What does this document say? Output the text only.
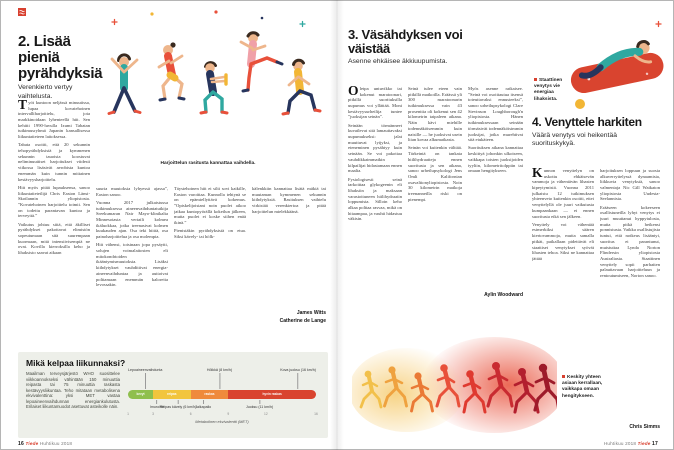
2. Lisää pieniä pyrähdyksiä
Verenkierto vertyy vaihtelusta.
Harjoittelun rasitusta kannattaa vaihdella.

Työt kuntoon neljässä minuutissa, lupaa kovatehoinen intervalliharjoittelu, jota markkinoidaan lyhenteellä hiit. Sen kehitti 1990-luvulla Izumi Tabatan tutkimusryhmä Japanin kansallisessa liikuntatieteen laitoksessa.

Tabata osoitti, että 20 sekunnin tehopyrähdyksistä ja kymmenen sekunnin tauoista koostuvat neliminuuttiset harjoitukset viidesti viikossa lisäsivät aerobista kuntoa enemmän kuin tunnin mittainen kestävyysharjoittelu.

Hiit myös pitää lupauksensa, sanoo liikuntatieteilijä Chris Easton Länsi-Skotlannin yliopistosta. ”Kovatehoinen harjoittelu toimii. Sen on todettu parantavan kuntoa ja terveyttä.”

Vaikutus johtuu siitä, että äkilliset pyrähdykset pakottavat elimistön sopeutumaan sitä suurempaan kuormaan, mitä intensiivisempiä ne ovat. Kovilla kierroksilla keho ja lihaksisto saavat aikaan

suuria muutoksia lyhyessä ajassa”, Easton sanoo.

Vuonna 2017 julkaistussa tutkimuksessa aineenvaihduntatutkija Sreekumaran Nair Mayo-klinikalta Minnesotasta vertaili kolmea ikäluokkaa, jotka treenasivat kolmen kuukauden ajan. Osa teki hiittä, osa painoharjoittelua ja osa molempia.

Hiit vähensi, toisinaan jopa pysäytti, solujen voimalaitosten eli mitokondrioiden ikääntymismuutoksia. Lisäksi kiihdytykset vauhdittivat energia-aineenvaihduntaa ja auttoivat polttamaan enemmän kaloreita levossakin.

Täystehoinen hiit ei silti sovi kaikille, Easton varoittaa. Kunnolla tehtynä se on epämiellyttävä kokemus. ”Opiskelijoistani noin puolet aikoo jatkaa kuntopyörällä kokeilun jälkeen, mutta puolet ei koske siihen enää ikinä.”

Pienistäkin pyrähdyksistä on etua. Siksi kävely- tai hölk-

kälenkkiin kannattaa lisätä mäkiä tai muutaman kymmenen sekunnin kiihdytyksiä. Rasituksen vaihtelu virkistää verenkiertoa ja pitää harjoittelun mielekkäänä.

James Witts
Catherine de Lange
Mikä kelpaa liikunnaksi?
Maailman terveysjärjestö WHO suosittelee viikkoannokseksi vähintään 150 minuuttia reipasta tai 75 minuuttia raskasta kestävyysliikuntaa. Teho mitataan metabolisena ekvivalenttina: yksi MET vastaa lepoaineenvaihdunnan energiankulutusta. Erilaiset liikuntamuodot asettuvat asteikolle näin.
kevyt	reipas	raskas	hyvin raskas
Metabolinen ekvivalentti (MET)
Lepoaineenvaihdunta	Hölkkä (8 km/h)	Kova juoksu (16 km/h)
Imurointi
Reipas kävely (6 km/h)
Jalkapallo	Juoksu (11 km/h)
1	3	6	9	12	16
16 Tiede Huhtikuu 2018
3. Väsähdyksen voi väistää
Asenne ehkäisee äkkiuupumista.

Oletpa untuvikko tai kokenut maratoonari, pitkillä suorituksilla uupumus voi yllättää. Moni kestävyysurheilija tuntee ”juoksijan seinän”.

Seinään törmänneet kuvailevat sitä lamauttavaksi uupumukseksi: jalat muuttuvat lyijyksi, ja eteneminen pysähtyy kuin seinään. Se voi pakottaa vauhdikkaimmatkin kilpailijat hidastamaan ennen maalia.

Fysiologisesti seinä tarkoittaa glykogeenin eli lihaksiin ja maksaan varastoituneen hiilihydraatin loppumista. Silloin keho alkaa polttaa rasvaa, mikä on hitaampaa, ja vauhti hidastuu väkisin.

Seinä tulee eteen vain pitkillä matkoilla. Eräässä yli 300 maratoonarin tutkimuksessa vain 43 prosenttia oli kokenut sen 42 kilometrin taipaleen aikana. Näin kävi miehille todennäköisemmin kuin naisille — he juoksivat usein liian kovaa alkumatkasta.

Seinän voi kuitenkin välttää. Tärkeintä on tankata hiilihydraatteja ennen suoritusta ja sen aikana, sanoo urheilupsykologi Jens Omli Kalifornian osavaltionyliopistosta. Noin 30 kilometrin matkoja treenanneilla riski on pienempi.

Myös asenne ratkaisee. ”Seinä voi osoittautua itsensä toteuttavaksi ennusteeksi”, sanoo urheilupsykologi Clare Stevinson Loughborough'n yliopistosta. Hänen tutkimuksessaan seinään törmäsivät todennäköisimmin juoksijat, jotka murehtivat sitä etukäteen.

Suorituksen aikana kannattaa keskittyä johonkin ulkoiseen, vaikkapa toisten juoksijoiden tyyliin, kilometritolppiin tai omaan hengitykseen.

Aylin Woodward
Keskity yhteen asiaan kerrallaan, vaikkapa omaan hengitykseen.
Staattinen venytys vie energiaa lihaksista.
4. Venyttele harkiten
Väärä venytys voi heikentää suorituskykyä.

Kunnon venyttelyn on uskottu ehkäisevän vammoja ja vähentävän lihasten kipeytymistä. Vuonna 2011 julkaistu 12 tutkimuksen yhteenveto kuitenkin osoitti, ettei venyttelyllä ole juuri vaikutusta kumpaankaan — ei ennen suoritusta eikä sen jälkeen.

Venyttely voi vähentää esimerkiksi säären kiertovammoja, mutta samalla pitkät, paikallaan pidettävät eli staattiset venytykset syövät lihasten tehoa. Siksi ne kannattaa jättää

harjoituksen loppuun ja suosia alkuverryttelyssä dynaamisia, liikkuvia venytyksiä, sanoo valmentaja Nic Gill Waikaton yliopistosta Uudesta-Seelannista.

Erääseen kokeeseen osallistuneilla lyhyt venytys ei juuri muuttanut hyppytulosta, mutta pitkä heikensi ponnistusta. Vaikka osallistujista tuntui, että notkeus lisääntyi, suoritus ei parantunut, muistuttaa Lynda Norton Flindersin yliopistosta Australiasta. Staattinen venyttely sopii parhaiten palauttavaan harjoitteluun ja rentoutumiseen, Norton sanoo.

Chris Simms
Huhtikuu 2018 Tiede 17
